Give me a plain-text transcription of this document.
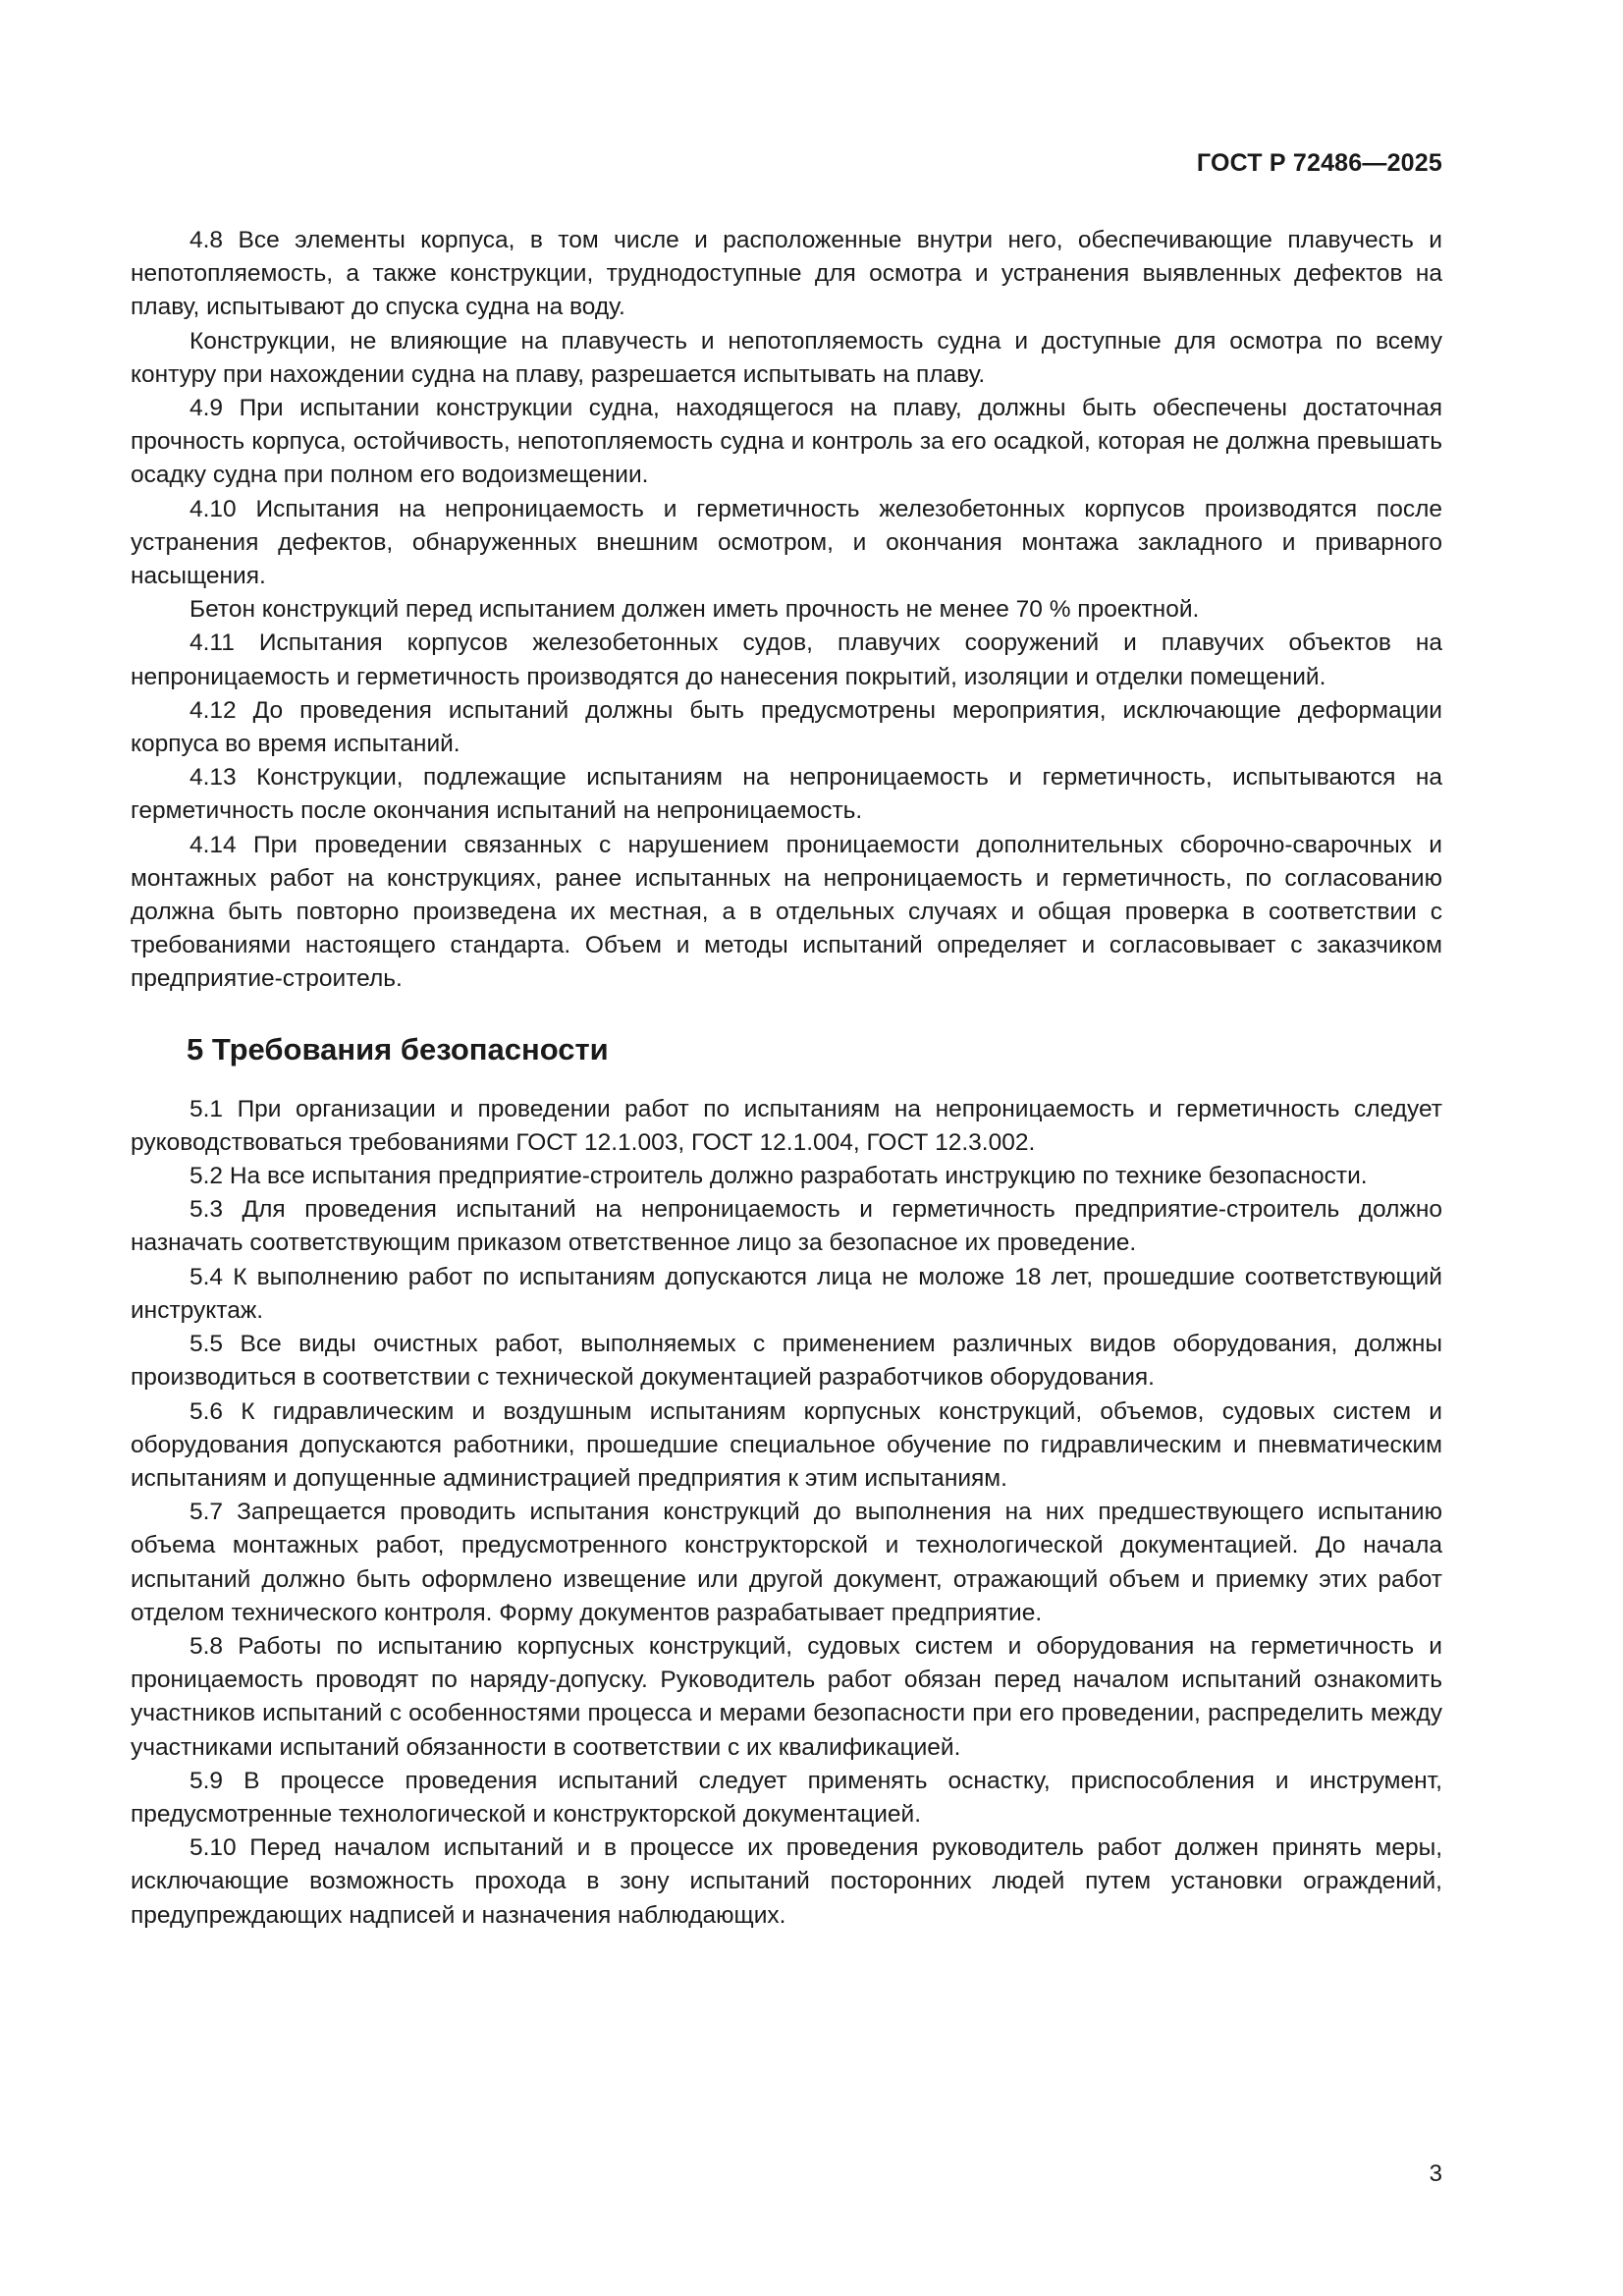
ГОСТ Р 72486—2025

4.8 Все элементы корпуса, в том числе и расположенные внутри него, обеспечивающие плавучесть и непотопляемость, а также конструкции, труднодоступные для осмотра и устранения выявленных дефектов на плаву, испытывают до спуска судна на воду.

Конструкции, не влияющие на плавучесть и непотопляемость судна и доступные для осмотра по всему контуру при нахождении судна на плаву, разрешается испытывать на плаву.

4.9 При испытании конструкции судна, находящегося на плаву, должны быть обеспечены достаточная прочность корпуса, остойчивость, непотопляемость судна и контроль за его осадкой, которая не должна превышать осадку судна при полном его водоизмещении.

4.10 Испытания на непроницаемость и герметичность железобетонных корпусов производятся после устранения дефектов, обнаруженных внешним осмотром, и окончания монтажа закладного и приварного насыщения.

Бетон конструкций перед испытанием должен иметь прочность не менее 70 % проектной.

4.11 Испытания корпусов железобетонных судов, плавучих сооружений и плавучих объектов на непроницаемость и герметичность производятся до нанесения покрытий, изоляции и отделки помещений.

4.12 До проведения испытаний должны быть предусмотрены мероприятия, исключающие деформации корпуса во время испытаний.

4.13 Конструкции, подлежащие испытаниям на непроницаемость и герметичность, испытываются на герметичность после окончания испытаний на непроницаемость.

4.14 При проведении связанных с нарушением проницаемости дополнительных сборочно-сварочных и монтажных работ на конструкциях, ранее испытанных на непроницаемость и герметичность, по согласованию должна быть повторно произведена их местная, а в отдельных случаях и общая проверка в соответствии с требованиями настоящего стандарта. Объем и методы испытаний определяет и согласовывает с заказчиком предприятие-строитель.

5 Требования безопасности

5.1 При организации и проведении работ по испытаниям на непроницаемость и герметичность следует руководствоваться требованиями ГОСТ 12.1.003, ГОСТ 12.1.004, ГОСТ 12.3.002.

5.2 На все испытания предприятие-строитель должно разработать инструкцию по технике безопасности.

5.3 Для проведения испытаний на непроницаемость и герметичность предприятие-строитель должно назначать соответствующим приказом ответственное лицо за безопасное их проведение.

5.4 К выполнению работ по испытаниям допускаются лица не моложе 18 лет, прошедшие соответствующий инструктаж.

5.5 Все виды очистных работ, выполняемых с применением различных видов оборудования, должны производиться в соответствии с технической документацией разработчиков оборудования.

5.6 К гидравлическим и воздушным испытаниям корпусных конструкций, объемов, судовых систем и оборудования допускаются работники, прошедшие специальное обучение по гидравлическим и пневматическим испытаниям и допущенные администрацией предприятия к этим испытаниям.

5.7 Запрещается проводить испытания конструкций до выполнения на них предшествующего испытанию объема монтажных работ, предусмотренного конструкторской и технологической документацией. До начала испытаний должно быть оформлено извещение или другой документ, отражающий объем и приемку этих работ отделом технического контроля. Форму документов разрабатывает предприятие.

5.8 Работы по испытанию корпусных конструкций, судовых систем и оборудования на герметичность и проницаемость проводят по наряду-допуску. Руководитель работ обязан перед началом испытаний ознакомить участников испытаний с особенностями процесса и мерами безопасности при его проведении, распределить между участниками испытаний обязанности в соответствии с их квалификацией.

5.9 В процессе проведения испытаний следует применять оснастку, приспособления и инструмент, предусмотренные технологической и конструкторской документацией.

5.10 Перед началом испытаний и в процессе их проведения руководитель работ должен принять меры, исключающие возможность прохода в зону испытаний посторонних людей путем установки ограждений, предупреждающих надписей и назначения наблюдающих.

3
